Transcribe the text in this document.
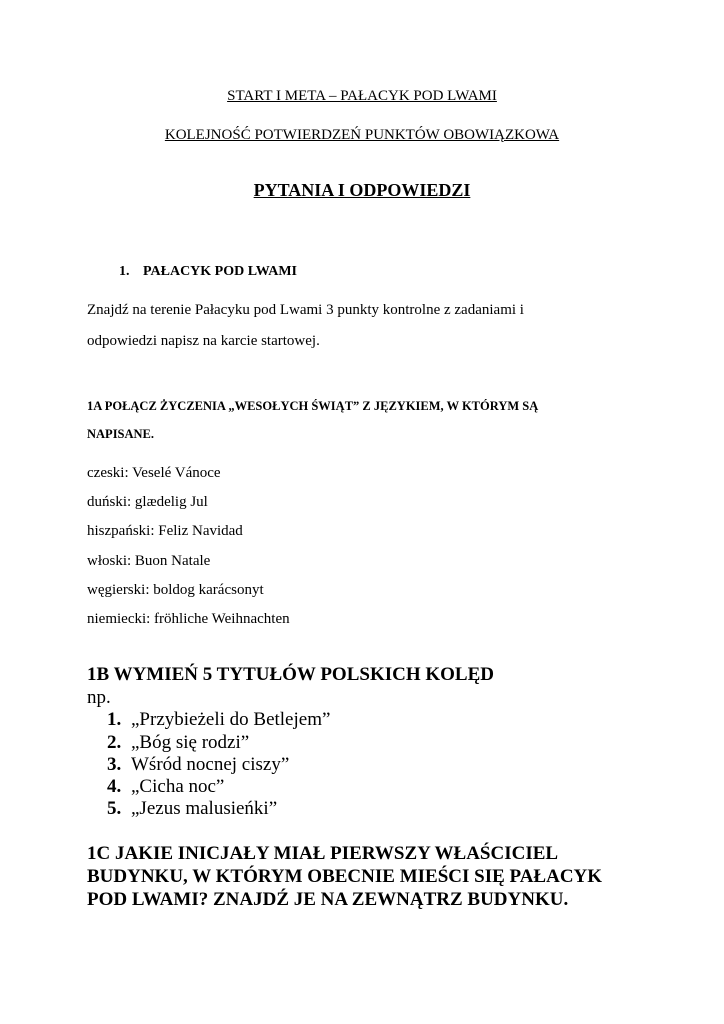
START I META – PAŁACYK POD LWAMI
KOLEJNOŚĆ POTWIERDZEŃ PUNKTÓW OBOWIĄZKOWA
PYTANIA I ODPOWIEDZI
1. PAŁACYK POD LWAMI
Znajdź na terenie Pałacyku pod Lwami 3 punkty kontrolne z zadaniami i
odpowiedzi napisz na karcie startowej.
1A POŁĄCZ ŻYCZENIA „WESOŁYCH ŚWIĄT” Z JĘZYKIEM, W KTÓRYM SĄ
NAPISANE.
czeski: Veselé Vánoce
duński: glædelig Jul
hiszpański: Feliz Navidad
włoski: Buon Natale
węgierski: boldog karácsonyt
niemiecki: fröhliche Weihnachten
1B WYMIEŃ 5 TYTUŁÓW POLSKICH KOLĘD
np.
1. „Przybieżeli do Betlejem”
2. „Bóg się rodzi”
3. Wśród nocnej ciszy”
4. „Cicha noc”
5. „Jezus malusieńki”
1C JAKIE INICJAŁY MIAŁ PIERWSZY WŁAŚCICIEL
BUDYNKU, W KTÓRYM OBECNIE MIEŚCI SIĘ PAŁACYK
POD LWAMI? ZNAJDŹ JE NA ZEWNĄTRZ BUDYNKU.
